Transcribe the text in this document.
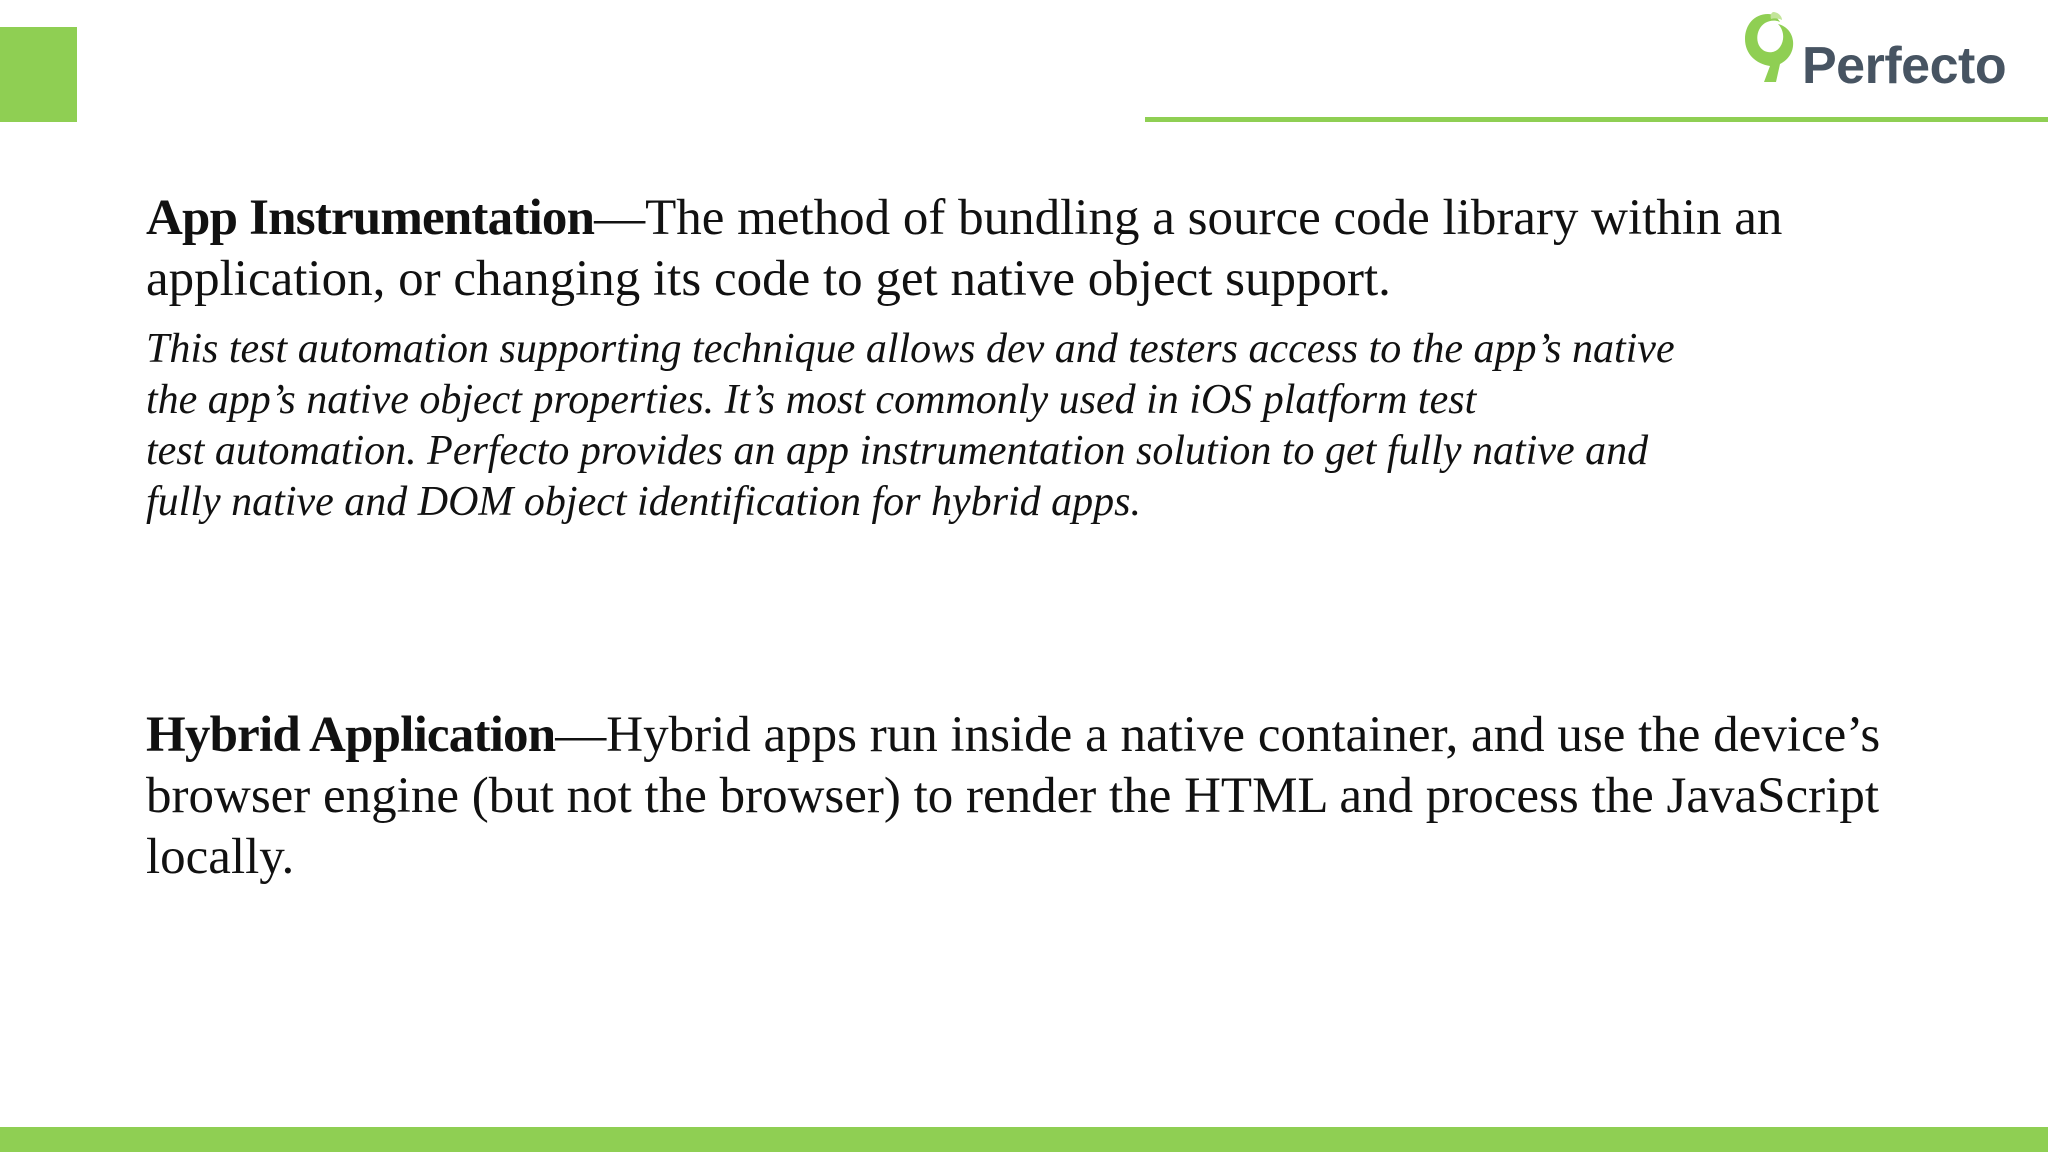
Perfecto

App Instrumentation—The method of bundling a source code library within an application, or changing its code to get native object support.

This test automation supporting technique allows dev and testers access to the app’s native
the app’s native object properties. It’s most commonly used in iOS platform test
test automation. Perfecto provides an app instrumentation solution to get fully native and
fully native and DOM object identification for hybrid apps.

Hybrid Application—Hybrid apps run inside a native container, and use the device’s browser engine (but not the browser) to render the HTML and process the JavaScript locally.
